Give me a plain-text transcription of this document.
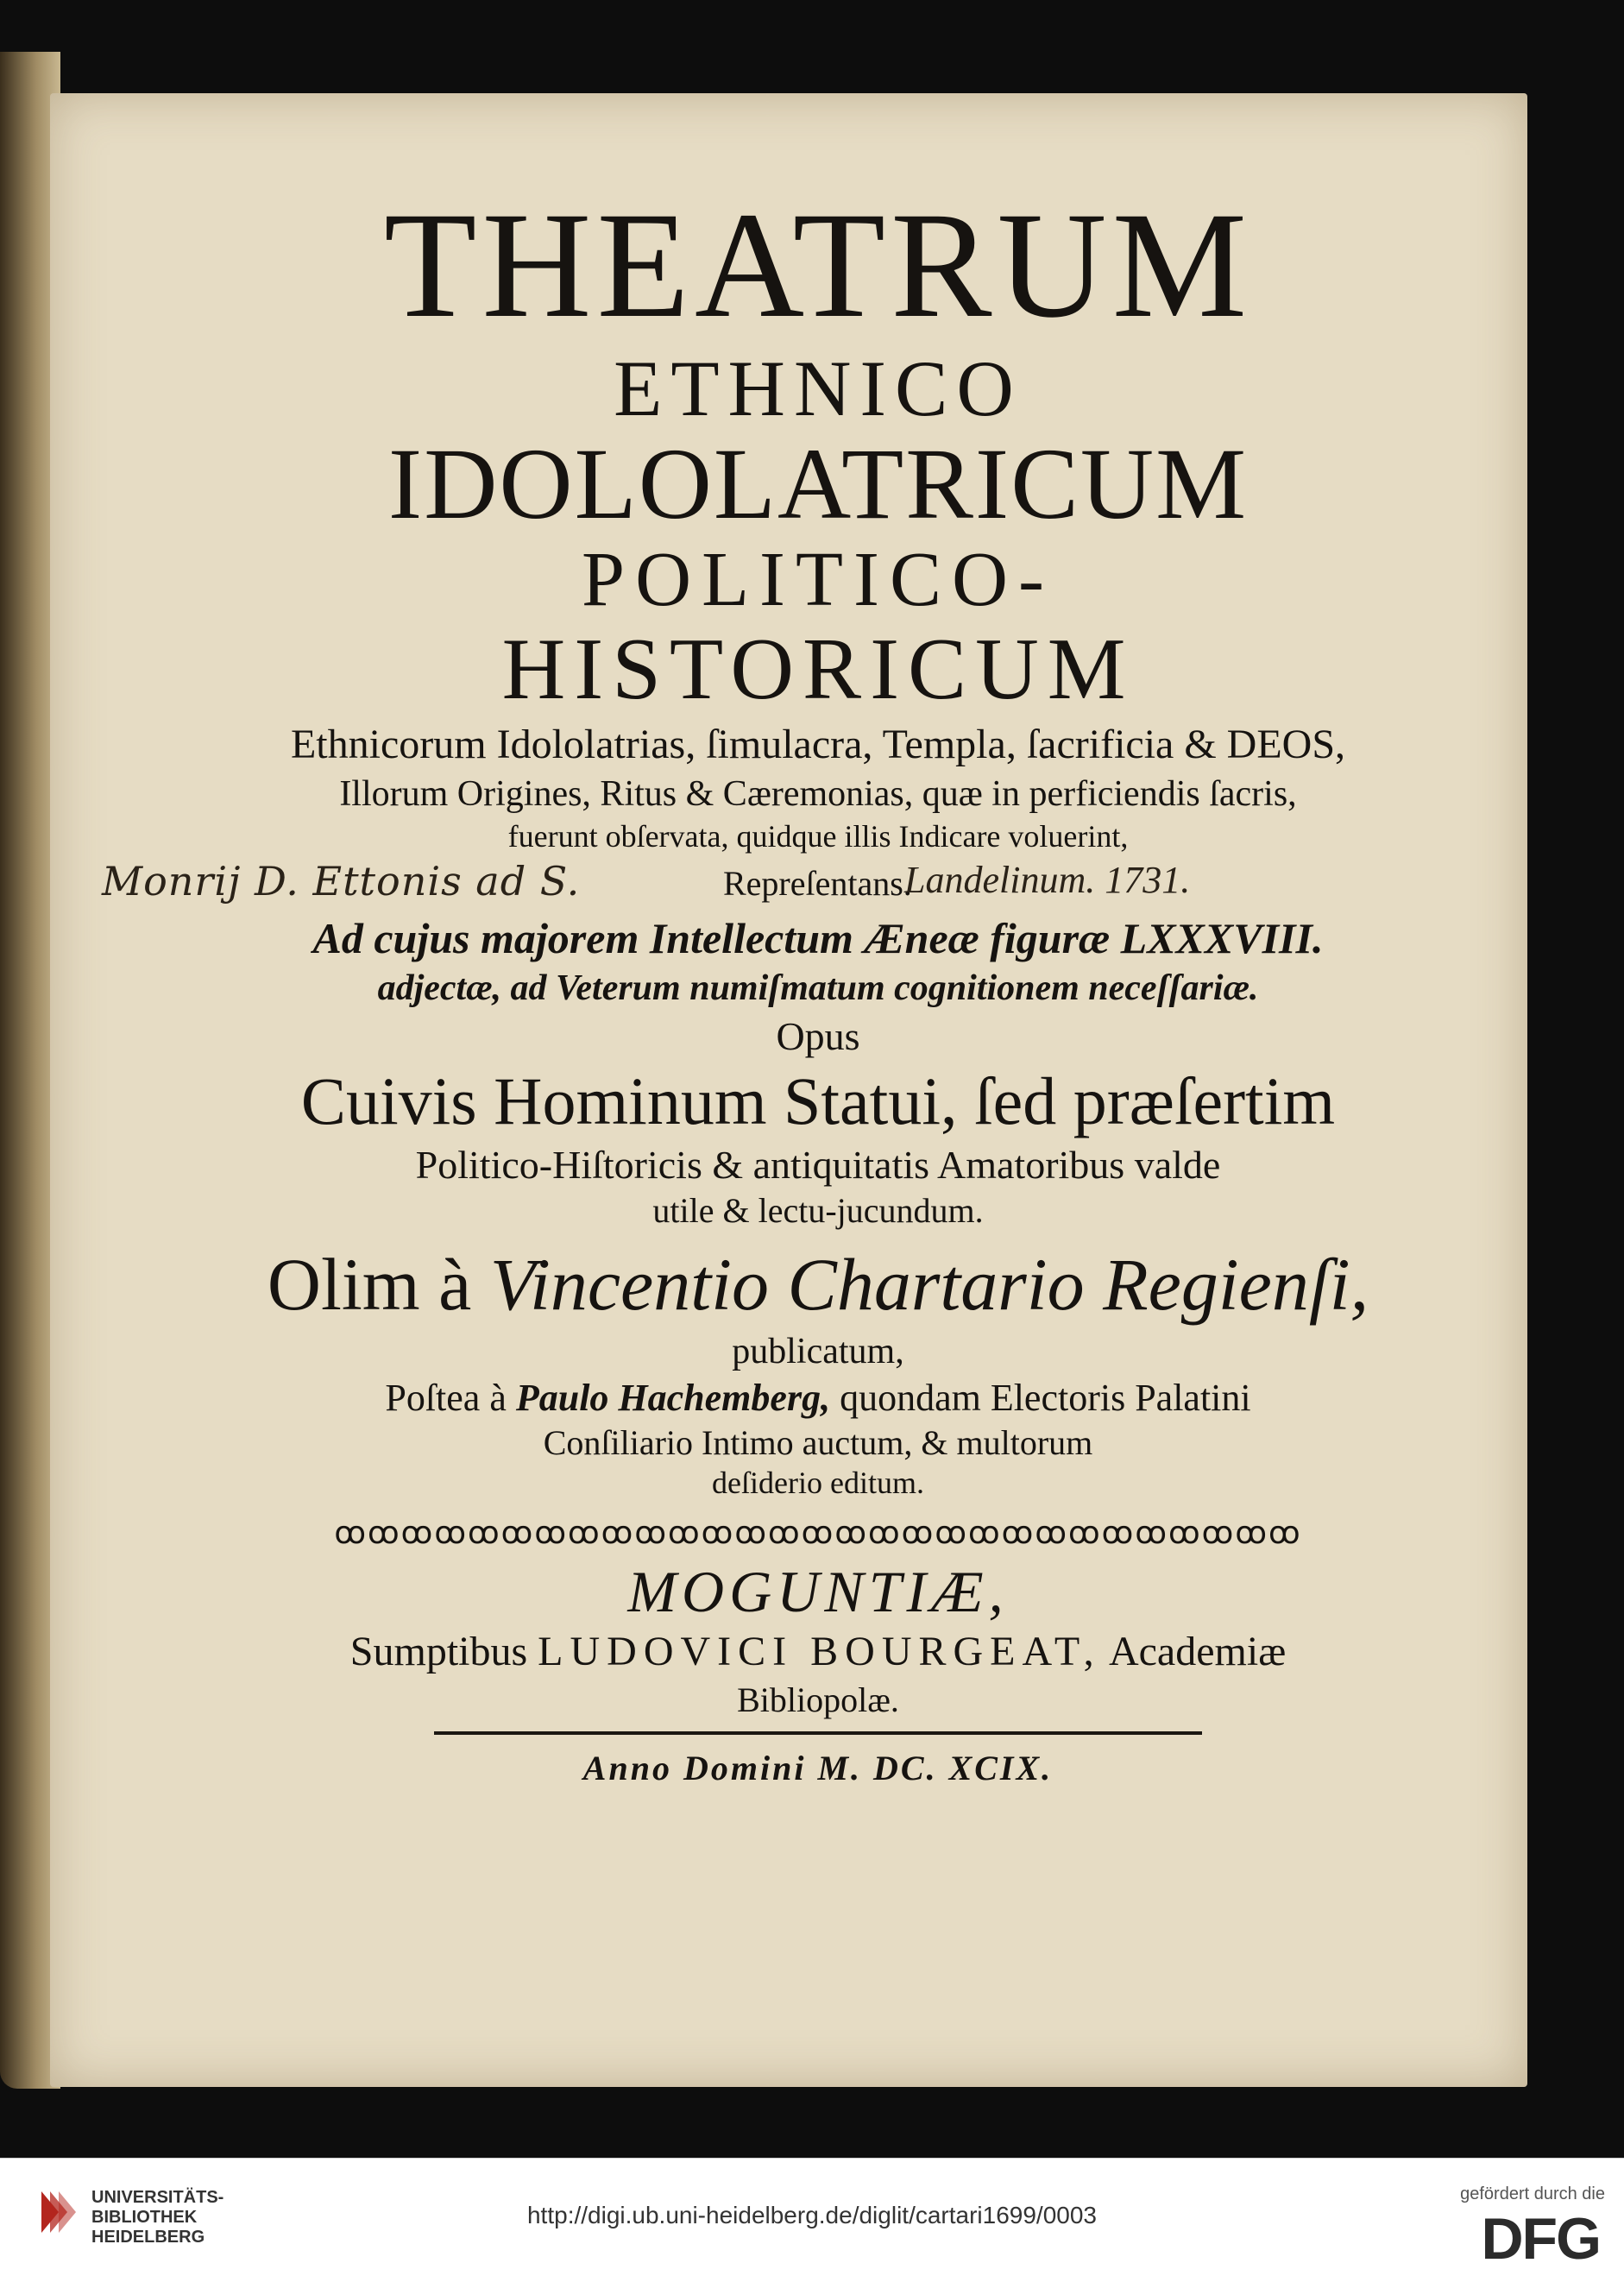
THEATRUM
ETHNICO
IDOLOLATRICUM
POLITICO-
HISTORICUM
Ethnicorum Idololatrias, ſimulacra, Templa, ſacrificia & DEOS,
Illorum Origines, Ritus & Cæremonias, quæ in perficiendis ſacris,
fuerunt obſervata, quidque illis Indicare voluerint,
Monrij D. Ettonis ad S.	Repreſentans.
Landelinum. 1731.
Ad cujus majorem Intellectum Æneæ figuræ LXXXVIII.
adjectæ, ad Veterum numiſmatum cognitionem neceſſariæ.
Opus
Cuivis Hominum Statui, ſed præſertim
Politico-Hiſtoricis & antiquitatis Amatoribus valde
utile & lectu-jucundum.
Olim à Vincentio Chartario Regienſi,
publicatum,
Poſtea à Paulo Hachemberg, quondam Electoris Palatini
Conſiliario Intimo auctum, & multorum
deſiderio editum.
ꝏꝏꝏꝏꝏꝏꝏꝏꝏꝏꝏꝏꝏꝏꝏꝏꝏꝏꝏꝏꝏꝏꝏꝏꝏꝏꝏꝏꝏ
MOGUNTIÆ,
Sumptibus LUDOVICI BOURGEAT, Academiæ
Bibliopolæ.
Anno Domini M. DC. XCIX.
UNIVERSITÄTS-
BIBLIOTHEK
HEIDELBERG
http://digi.ub.uni-heidelberg.de/diglit/cartari1699/0003
gefördert durch die
DFG
